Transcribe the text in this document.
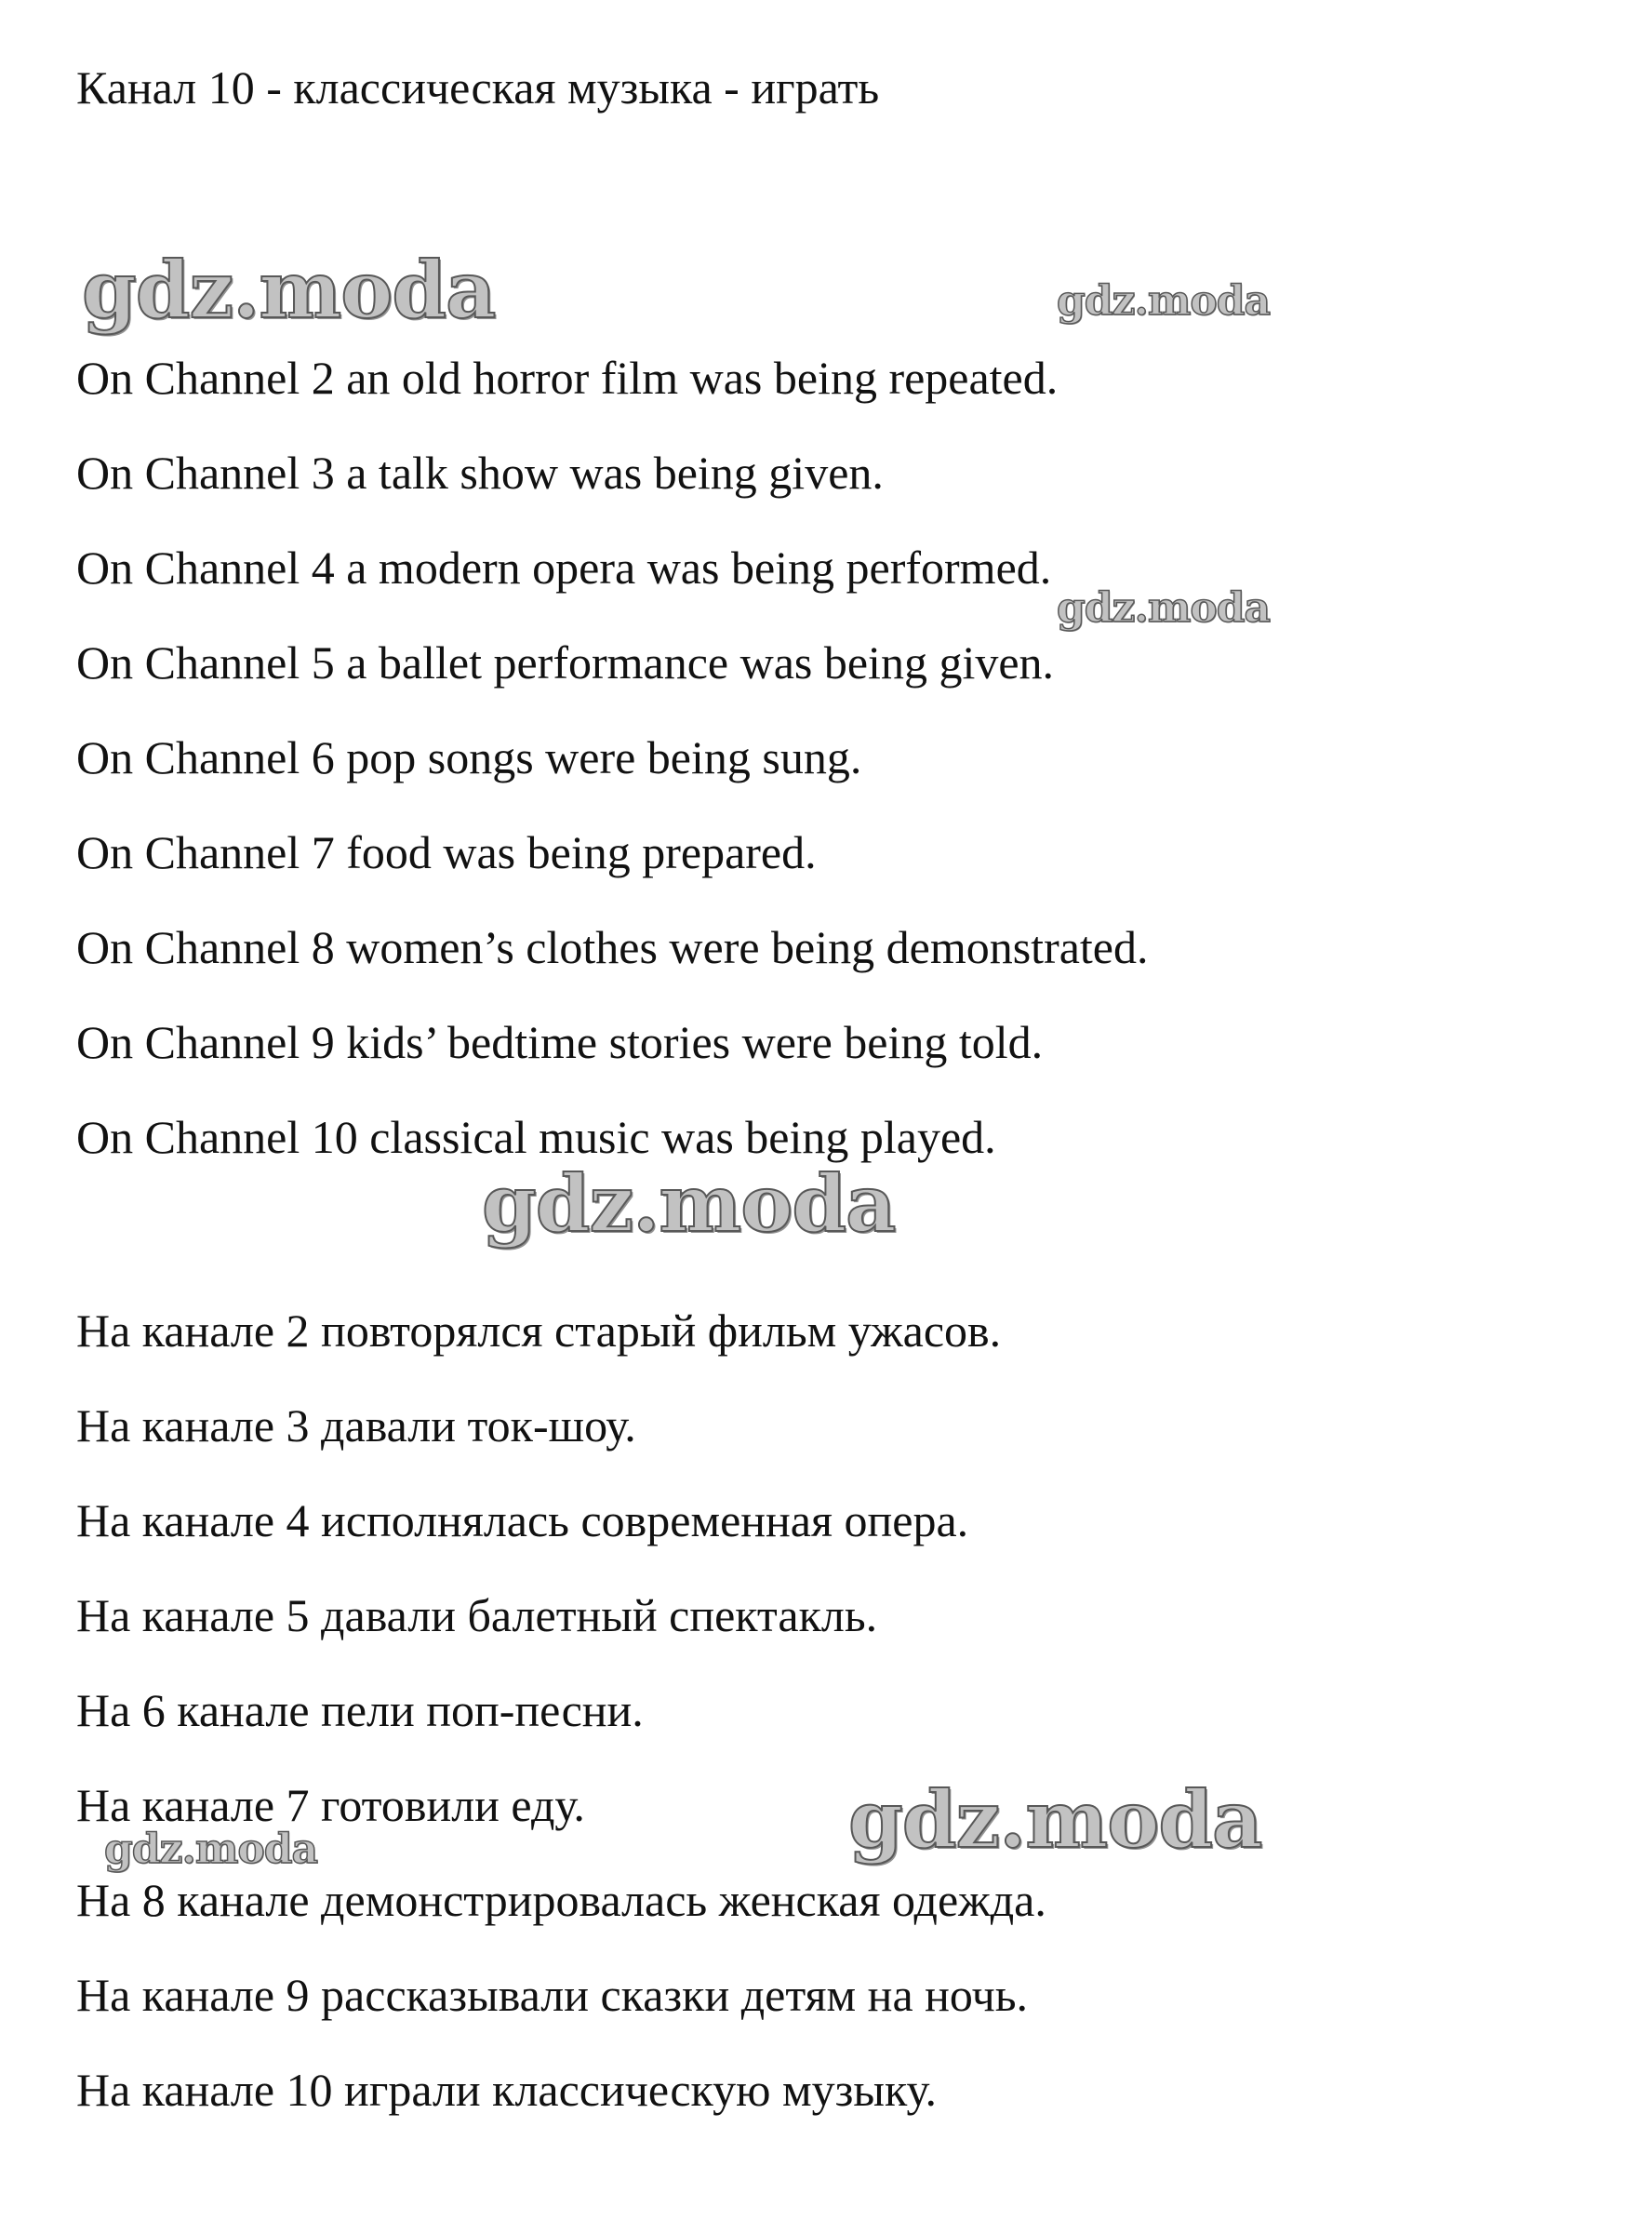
Канал 10 - классическая музыка - играть
gdz.moda	gdz.moda
gdz.moda
gdz.moda
gdz.moda
gdz.moda
On Channel 2 an old horror film was being repeated.
On Channel 3 a talk show was being given.
On Channel 4 a modern opera was being performed.
On Channel 5 a ballet performance was being given.
On Channel 6 pop songs were being sung.
On Channel 7 food was being prepared.
On Channel 8 women’s clothes were being demonstrated.
On Channel 9 kids’ bedtime stories were being told.
On Channel 10 classical music was being played.
На канале 2 повторялся старый фильм ужасов.
На канале 3 давали ток-шоу.
На канале 4 исполнялась современная опера.
На канале 5 давали балетный спектакль.
На 6 канале пели поп-песни.
На канале 7 готовили еду.
На 8 канале демонстрировалась женская одежда.
На канале 9 рассказывали сказки детям на ночь.
На канале 10 играли классическую музыку.
